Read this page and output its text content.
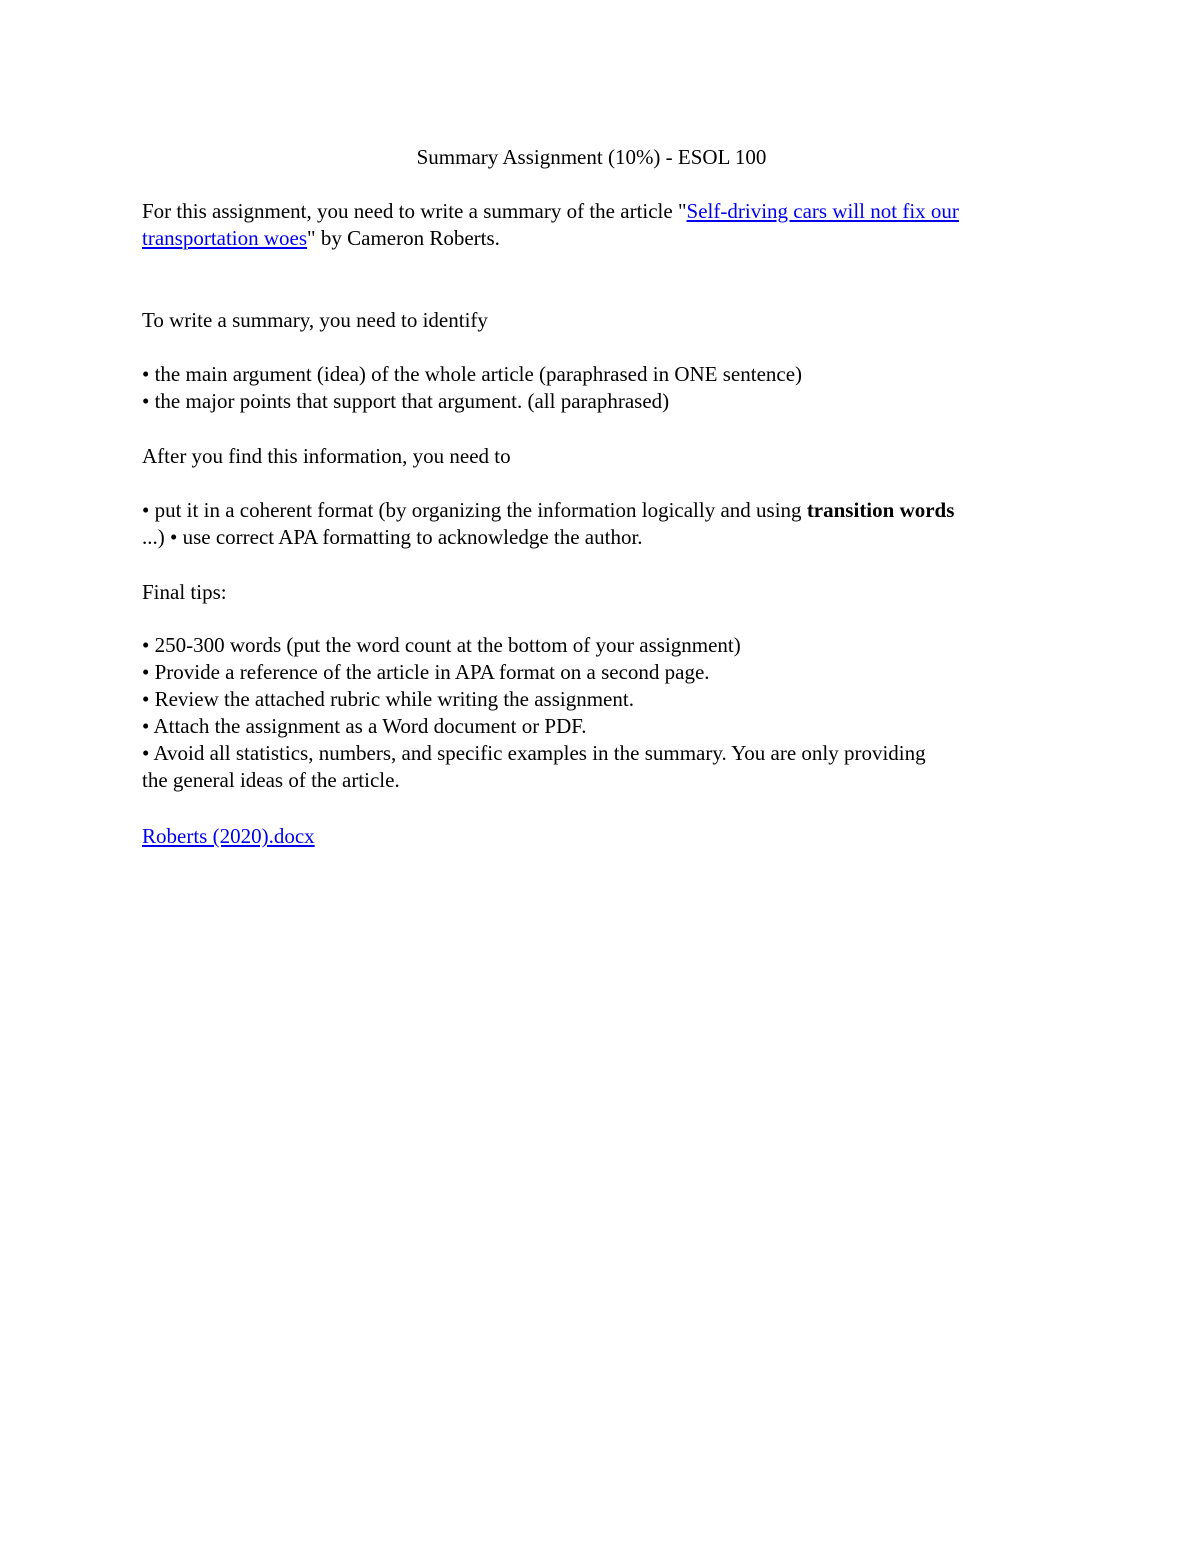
Summary Assignment (10%) - ESOL 100
For this assignment, you need to write a summary of the article "Self-driving cars will not fix our
transportation woes" by Cameron Roberts.
To write a summary, you need to identify
• the main argument (idea) of the whole article (paraphrased in ONE sentence)
• the major points that support that argument. (all paraphrased)
After you find this information, you need to
• put it in a coherent format (by organizing the information logically and using transition words
...) • use correct APA formatting to acknowledge the author.
Final tips:
• 250-300 words (put the word count at the bottom of your assignment)
• Provide a reference of the article in APA format on a second page.
• Review the attached rubric while writing the assignment.
• Attach the assignment as a Word document or PDF.
• Avoid all statistics, numbers, and specific examples in the summary. You are only providing
the general ideas of the article.
Roberts (2020).docx
